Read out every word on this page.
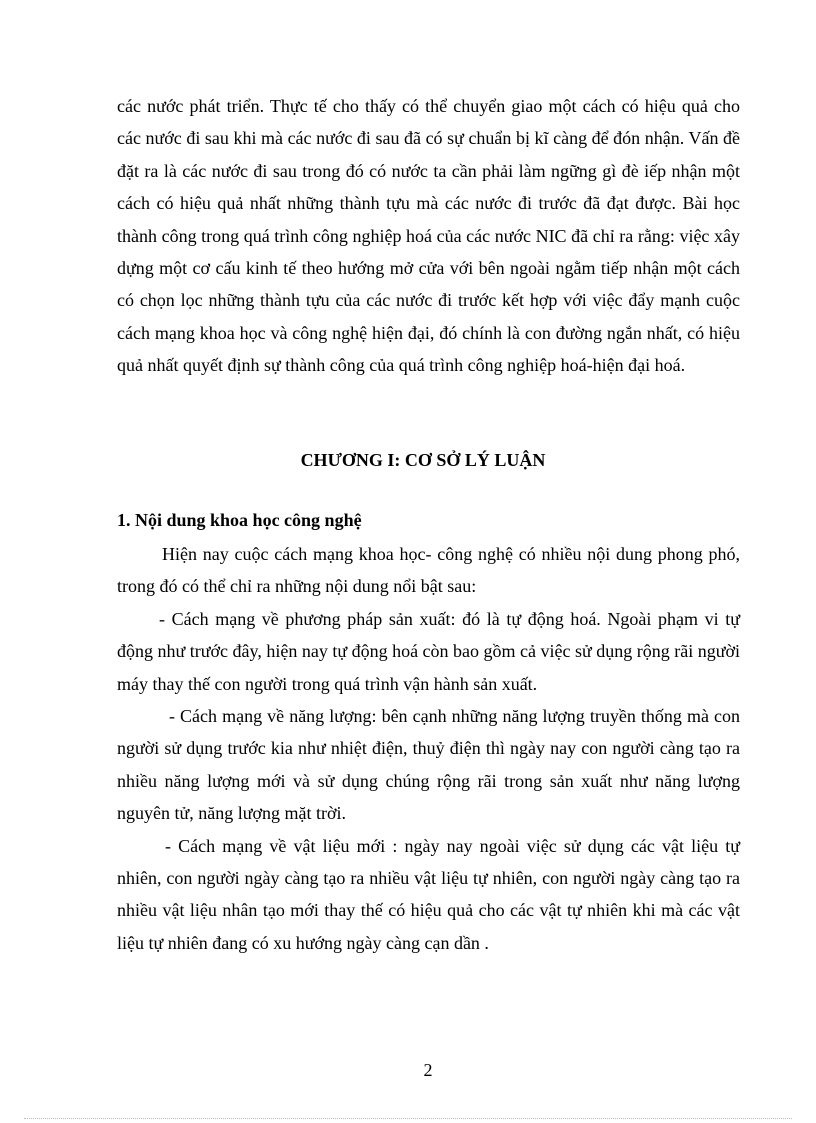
các nước phát triển. Thực tế cho thấy có thể chuyển giao một cách có hiệu quả cho các nước đi sau khi mà các nước đi sau đã có sự chuẩn bị kĩ càng để đón nhận. Vấn đề đặt ra là các nước đi sau trong đó có nước ta cần phải làm ngững gì đè iếp nhận một cách có hiệu quả nhất những thành tựu mà các nước đi trước đã đạt được. Bài học thành công trong quá trình công nghiệp hoá của các nước NIC đã chỉ ra rằng: việc xây dựng một cơ cấu kinh tế theo hướng mở cửa với bên ngoài ngằm tiếp nhận một cách có chọn lọc những thành tựu của các nước đi trước kết hợp với việc đẩy mạnh cuộc cách mạng khoa học và công nghệ hiện đại, đó chính là con đường ngắn nhất, có hiệu quả nhất quyết định sự thành công của quá trình công nghiệp hoá-hiện đại hoá.
CHƯƠNG I: CƠ SỞ LÝ LUẬN
1. Nội dung khoa học công nghệ

Hiện nay cuộc cách mạng khoa học- công nghệ có nhiều nội dung phong phó, trong đó có thể chỉ ra những nội dung nổi bật sau:

- Cách mạng về phương pháp sản xuất: đó là tự động hoá. Ngoài phạm vi tự động như trước đây, hiện nay tự động hoá còn bao gồm cả việc sử dụng rộng rãi người máy thay thế con người trong quá trình vận hành sản xuất.

- Cách mạng về năng lượng: bên cạnh những năng lượng truyền thống mà con người sử dụng trước kia như nhiệt điện, thuỷ điện thì ngày nay con người càng tạo ra nhiều năng lượng mới và sử dụng chúng rộng rãi trong sản xuất như năng lượng nguyên tử, năng lượng mặt trời.

- Cách mạng về vật liệu mới : ngày nay ngoài việc sử dụng các vật liệu tự nhiên, con người ngày càng tạo ra nhiều vật liệu tự nhiên, con người ngày càng tạo ra nhiều vật liệu nhân tạo mới thay thế có hiệu quả cho các vật tự nhiên khi mà các vật liệu tự nhiên đang có xu hướng ngày càng cạn dần .

2
